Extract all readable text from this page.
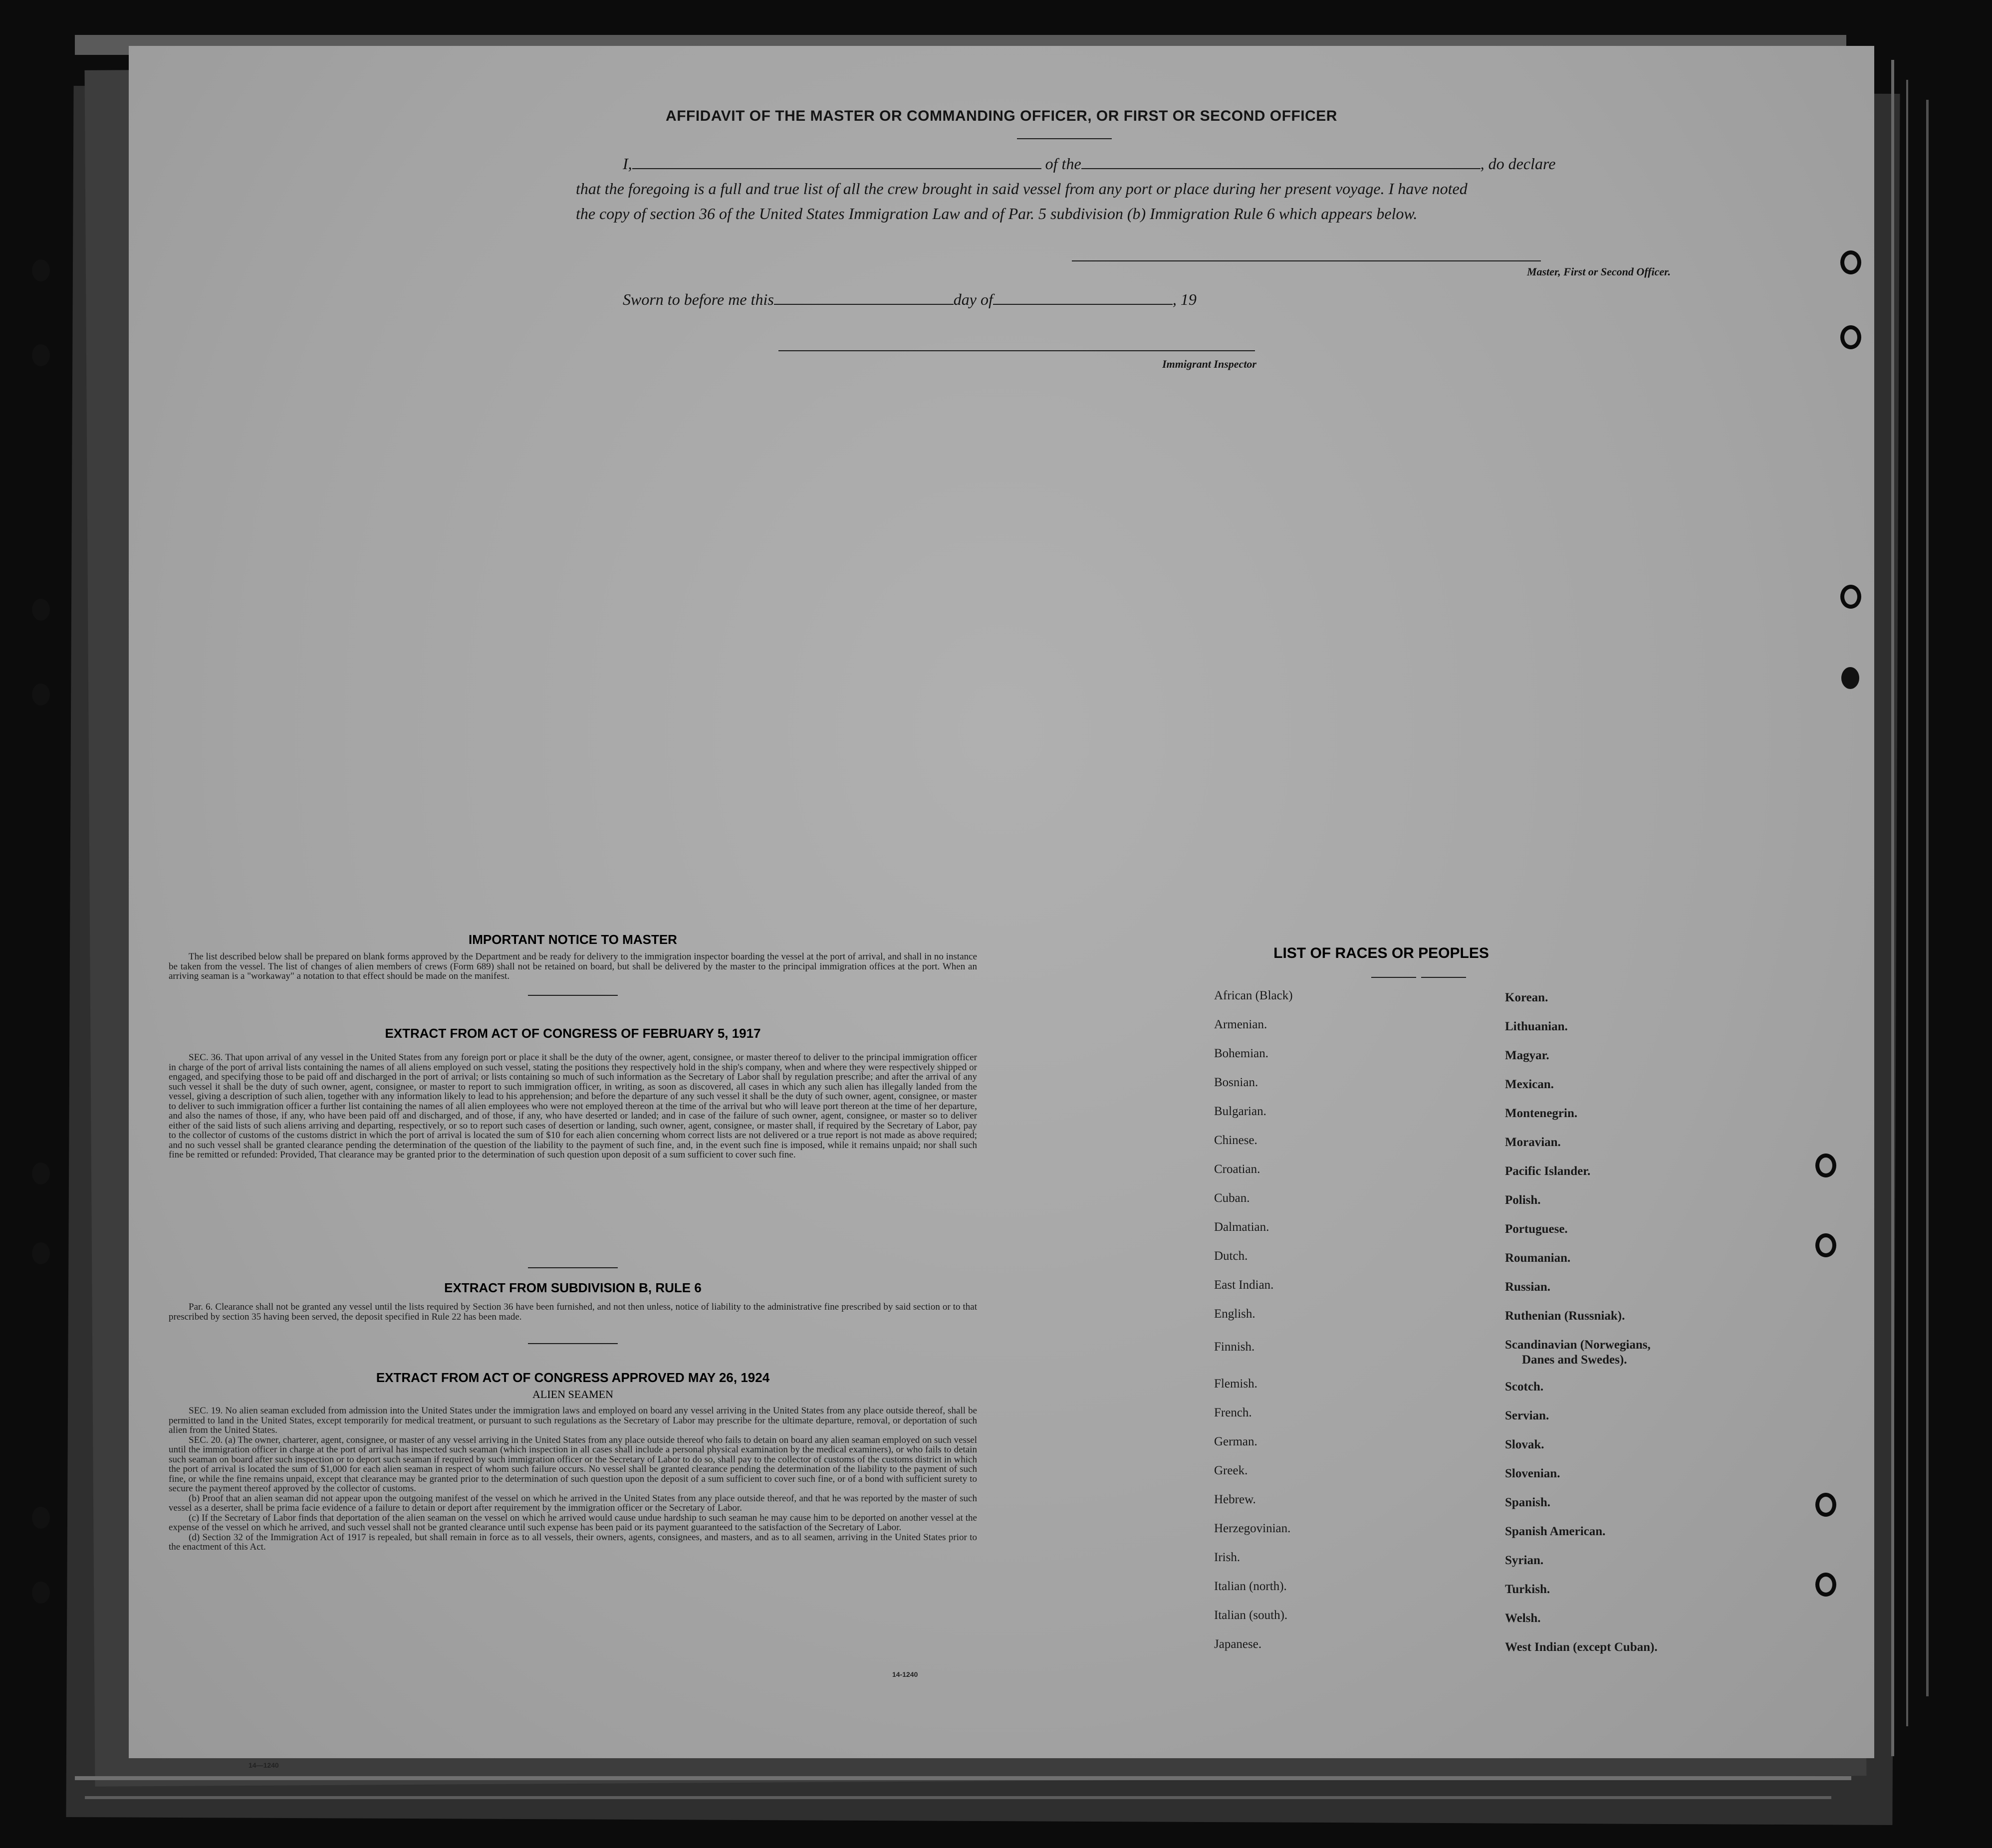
AFFIDAVIT OF THE MASTER OR COMMANDING OFFICER, OR FIRST OR SECOND OFFICER
I,	of the	, do declare
that the foregoing is a full and true list of all the crew brought in said vessel from any port or place during her present voyage. I have noted
the copy of section 36 of the United States Immigration Law and of Par. 5 subdivision (b) Immigration Rule 6 which appears below.
Master, First or Second Officer.
Sworn to before me this	day of	, 19
Immigrant Inspector
IMPORTANT NOTICE TO MASTER

The list described below shall be prepared on blank forms approved by the Department and be ready for delivery to the immigration inspector boarding the vessel at the port of arrival, and shall in no instance be taken from the vessel. The list of changes of alien members of crews (Form 689) shall not be retained on board, but shall be delivered by the master to the principal immigration offices at the port. When an arriving seaman is a "workaway" a notation to that effect should be made on the manifest.

EXTRACT FROM ACT OF CONGRESS OF FEBRUARY 5, 1917

SEC. 36. That upon arrival of any vessel in the United States from any foreign port or place it shall be the duty of the owner, agent, consignee, or master thereof to deliver to the principal immigration officer in charge of the port of arrival lists containing the names of all aliens employed on such vessel, stating the positions they respectively hold in the ship's company, when and where they were respectively shipped or engaged, and specifying those to be paid off and discharged in the port of arrival; or lists containing so much of such information as the Secretary of Labor shall by regulation prescribe; and after the arrival of any such vessel it shall be the duty of such owner, agent, consignee, or master to report to such immigration officer, in writing, as soon as discovered, all cases in which any such alien has illegally landed from the vessel, giving a description of such alien, together with any information likely to lead to his apprehension; and before the departure of any such vessel it shall be the duty of such owner, agent, consignee, or master to deliver to such immigration officer a further list containing the names of all alien employees who were not employed thereon at the time of the arrival but who will leave port thereon at the time of her departure, and also the names of those, if any, who have been paid off and discharged, and of those, if any, who have deserted or landed; and in case of the failure of such owner, agent, consignee, or master so to deliver either of the said lists of such aliens arriving and departing, respectively, or so to report such cases of desertion or landing, such owner, agent, consignee, or master shall, if required by the Secretary of Labor, pay to the collector of customs of the customs district in which the port of arrival is located the sum of $10 for each alien concerning whom correct lists are not delivered or a true report is not made as above required; and no such vessel shall be granted clearance pending the determination of the question of the liability to the payment of such fine, and, in the event such fine is imposed, while it remains unpaid; nor shall such fine be remitted or refunded: Provided, That clearance may be granted prior to the determination of such question upon deposit of a sum sufficient to cover such fine.

EXTRACT FROM SUBDIVISION B, RULE 6

Par. 6. Clearance shall not be granted any vessel until the lists required by Section 36 have been furnished, and not then unless, notice of liability to the administrative fine prescribed by said section or to that prescribed by section 35 having been served, the deposit specified in Rule 22 has been made.

EXTRACT FROM ACT OF CONGRESS APPROVED MAY 26, 1924
ALIEN SEAMEN

SEC. 19. No alien seaman excluded from admission into the United States under the immigration laws and employed on board any vessel arriving in the United States from any place outside thereof, shall be permitted to land in the United States, except temporarily for medical treatment, or pursuant to such regulations as the Secretary of Labor may prescribe for the ultimate departure, removal, or deportation of such alien from the United States.

SEC. 20. (a) The owner, charterer, agent, consignee, or master of any vessel arriving in the United States from any place outside thereof who fails to detain on board any alien seaman employed on such vessel until the immigration officer in charge at the port of arrival has inspected such seaman (which inspection in all cases shall include a personal physical examination by the medical examiners), or who fails to detain such seaman on board after such inspection or to deport such seaman if required by such immigration officer or the Secretary of Labor to do so, shall pay to the collector of customs of the customs district in which the port of arrival is located the sum of $1,000 for each alien seaman in respect of whom such failure occurs. No vessel shall be granted clearance pending the determination of the liability to the payment of such fine, or while the fine remains unpaid, except that clearance may be granted prior to the determination of such question upon the deposit of a sum sufficient to cover such fine, or of a bond with sufficient surety to secure the payment thereof approved by the collector of customs.

(b) Proof that an alien seaman did not appear upon the outgoing manifest of the vessel on which he arrived in the United States from any place outside thereof, and that he was reported by the master of such vessel as a deserter, shall be prima facie evidence of a failure to detain or deport after requirement by the immigration officer or the Secretary of Labor.

(c) If the Secretary of Labor finds that deportation of the alien seaman on the vessel on which he arrived would cause undue hardship to such seaman he may cause him to be deported on another vessel at the expense of the vessel on which he arrived, and such vessel shall not be granted clearance until such expense has been paid or its payment guaranteed to the satisfaction of the Secretary of Labor.

(d) Section 32 of the Immigration Act of 1917 is repealed, but shall remain in force as to all vessels, their owners, agents, consignees, and masters, and as to all seamen, arriving in the United States prior to the enactment of this Act.

14-1240
14—1240
LIST OF RACES OR PEOPLES
African (Black)
Armenian.
Bohemian.
Bosnian.
Bulgarian.
Chinese.
Croatian.
Cuban.
Dalmatian.
Dutch.
East Indian.
English.
Finnish.
Flemish.
French.
German.
Greek.
Hebrew.
Herzegovinian.
Irish.
Italian (north).
Italian (south).
Japanese.
Korean.
Lithuanian.
Magyar.
Mexican.
Montenegrin.
Moravian.
Pacific Islander.
Polish.
Portuguese.
Roumanian.
Russian.
Ruthenian (Russniak).
Scandinavian (Norwegians,
Danes and Swedes).
Scotch.
Servian.
Slovak.
Slovenian.
Spanish.
Spanish American.
Syrian.
Turkish.
Welsh.
West Indian (except Cuban).
